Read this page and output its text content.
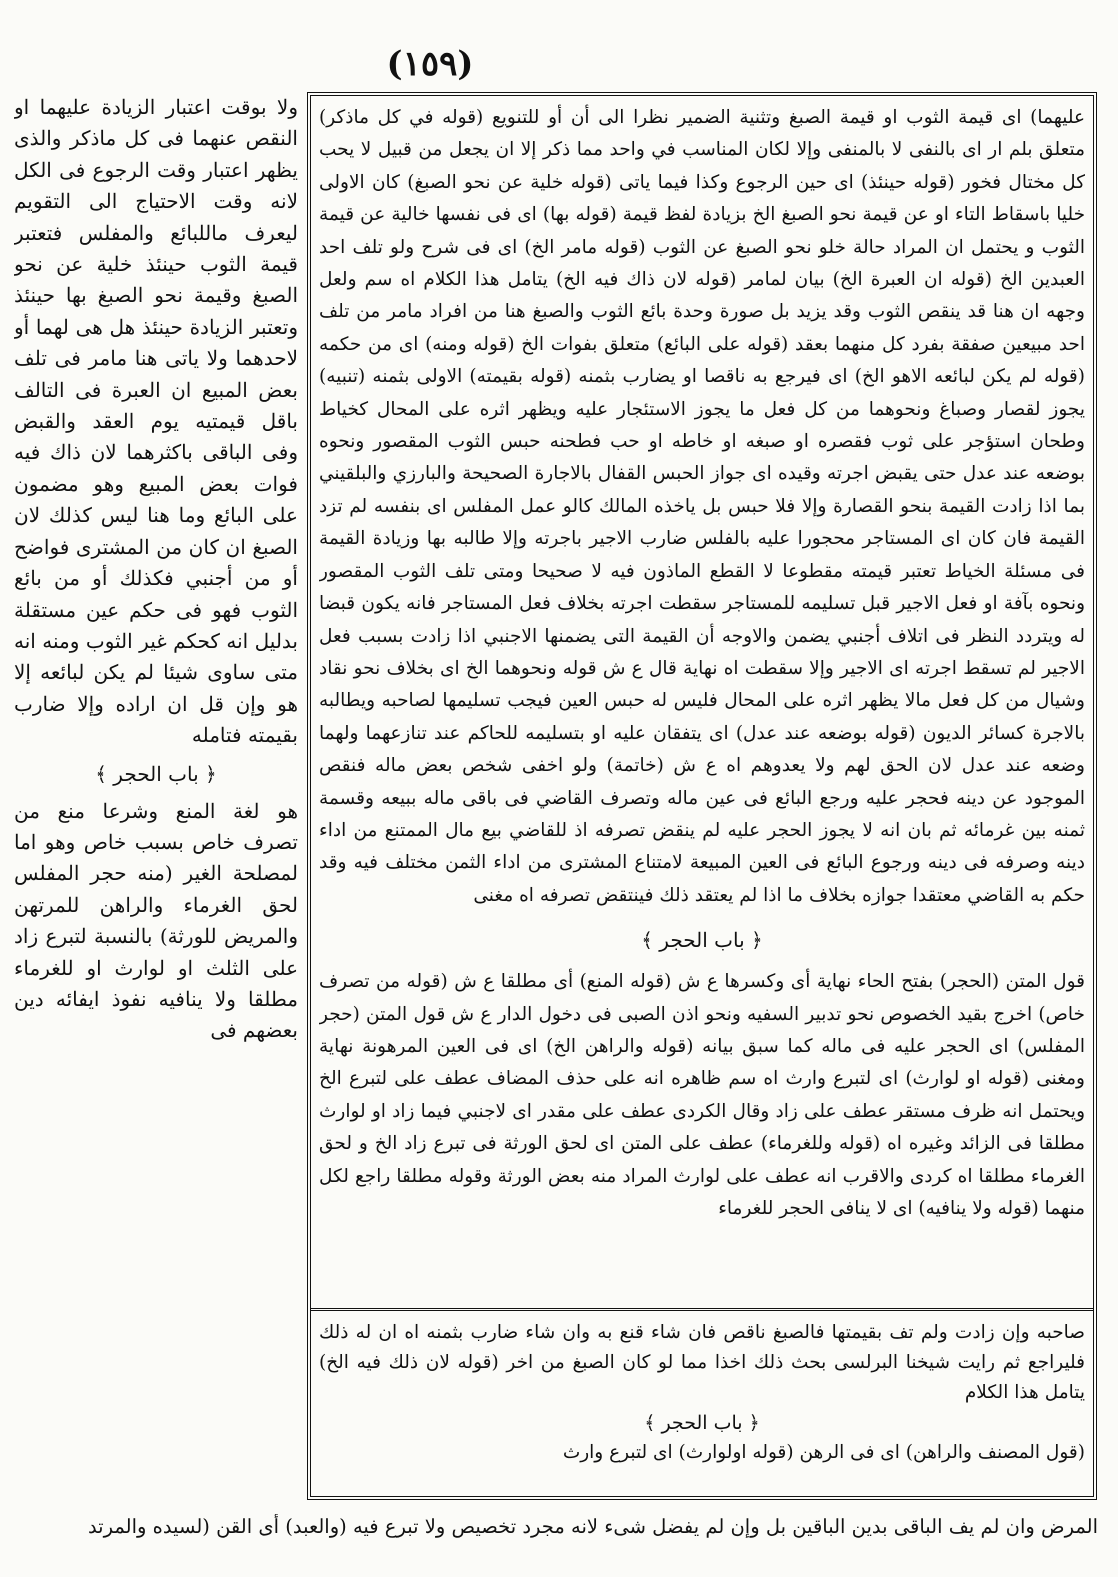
(١٥٩)

ولا بوقت اعتبار الزيادة عليهما او النقص عنهما فى كل ماذكر والذى يظهر اعتبار وقت الرجوع فى الكل لانه وقت الاحتياج الى التقويم ليعرف ماللبائع والمفلس فتعتبر قيمة الثوب حينئذ خلية عن نحو الصبغ وقيمة نحو الصبغ بها حينئذ وتعتبر الزيادة حينئذ هل هى لهما أو لاحدهما ولا ياتى هنا مامر فى تلف بعض المبيع ان العبرة فى التالف باقل قيمتيه يوم العقد والقبض وفى الباقى باكثرهما لان ذاك فيه فوات بعض المبيع وهو مضمون على البائع وما هنا ليس كذلك لان الصبغ ان كان من المشترى فواضح أو من أجنبي فكذلك أو من بائع الثوب فهو فى حكم عين مستقلة بدليل انه كحكم غير الثوب ومنه انه متى ساوى شيئا لم يكن لبائعه إلا هو وإن قل ان اراده وإلا ضارب بقيمته فتامله

﴿ باب الحجر ﴾

هو لغة المنع وشرعا منع من تصرف خاص بسبب خاص وهو اما لمصلحة الغير (منه حجر المفلس لحق الغرماء والراهن للمرتهن والمريض للورثة) بالنسبة لتبرع زاد على الثلث او لوارث او للغرماء مطلقا ولا ينافيه نفوذ ايفائه دين بعضهم فى

عليهما) اى قيمة الثوب او قيمة الصبغ وتثنية الضمير نظرا الى أن أو للتنويع (قوله في كل ماذكر) متعلق بلم ار اى بالنفى لا بالمنفى وإلا لكان المناسب في واحد مما ذكر إلا ان يجعل من قبيل لا يحب كل مختال فخور (قوله حينئذ) اى حين الرجوع وكذا فيما ياتى (قوله خلية عن نحو الصبغ) كان الاولى خليا باسقاط التاء او عن قيمة نحو الصبغ الخ بزيادة لفظ قيمة (قوله بها) اى فى نفسها خالية عن قيمة الثوب و يحتمل ان المراد حالة خلو نحو الصبغ عن الثوب (قوله مامر الخ) اى فى شرح ولو تلف احد العبدين الخ (قوله ان العبرة الخ) بيان لمامر (قوله لان ذاك فيه الخ) يتامل هذا الكلام اه سم ولعل وجهه ان هنا قد ينقص الثوب وقد يزيد بل صورة وحدة بائع الثوب والصبغ هنا من افراد مامر من تلف احد مبيعين صفقة بفرد كل منهما بعقد (قوله على البائع) متعلق بفوات الخ (قوله ومنه) اى من حكمه (قوله لم يكن لبائعه الاهو الخ) اى فيرجع به ناقصا او يضارب بثمنه (قوله بقيمته) الاولى بثمنه (تنبيه) يجوز لقصار وصباغ ونحوهما من كل فعل ما يجوز الاستئجار عليه ويظهر اثره على المحال كخياط وطحان استؤجر على ثوب فقصره او صبغه او خاطه او حب فطحنه حبس الثوب المقصور ونحوه بوضعه عند عدل حتى يقبض اجرته وقيده اى جواز الحبس القفال بالاجارة الصحيحة والبارزي والبلقيني بما اذا زادت القيمة بنحو القصارة وإلا فلا حبس بل ياخذه المالك كالو عمل المفلس اى بنفسه لم تزد القيمة فان كان اى المستاجر محجورا عليه بالفلس ضارب الاجير باجرته وإلا طالبه بها وزيادة القيمة فى مسئلة الخياط تعتبر قيمته مقطوعا لا القطع الماذون فيه لا صحيحا ومتى تلف الثوب المقصور ونحوه بآفة او فعل الاجير قبل تسليمه للمستاجر سقطت اجرته بخلاف فعل المستاجر فانه يكون قبضا له ويتردد النظر فى اتلاف أجنبي يضمن والاوجه أن القيمة التى يضمنها الاجنبي اذا زادت بسبب فعل الاجير لم تسقط اجرته اى الاجير وإلا سقطت اه نهاية قال ع ش قوله ونحوهما الخ اى بخلاف نحو نقاد وشيال من كل فعل مالا يظهر اثره على المحال فليس له حبس العين فيجب تسليمها لصاحبه ويطالبه بالاجرة كسائر الديون (قوله بوضعه عند عدل) اى يتفقان عليه او بتسليمه للحاكم عند تنازعهما ولهما وضعه عند عدل لان الحق لهم ولا يعدوهم اه ع ش (خاتمة) ولو اخفى شخص بعض ماله فنقص الموجود عن دينه فحجر عليه ورجع البائع فى عين ماله وتصرف القاضي فى باقى ماله ببيعه وقسمة ثمنه بين غرمائه ثم بان انه لا يجوز الحجر عليه لم ينقض تصرفه اذ للقاضي بيع مال الممتنع من اداء دينه وصرفه فى دينه ورجوع البائع فى العين المبيعة لامتناع المشترى من اداء الثمن مختلف فيه وقد حكم به القاضي معتقدا جوازه بخلاف ما اذا لم يعتقد ذلك فينتقض تصرفه اه مغنى

﴿ باب الحجر ﴾

قول المتن (الحجر) بفتح الحاء نهاية أى وكسرها ع ش (قوله المنع) أى مطلقا ع ش (قوله من تصرف خاص) اخرج بقيد الخصوص نحو تدبير السفيه ونحو اذن الصبى فى دخول الدار ع ش قول المتن (حجر المفلس) اى الحجر عليه فى ماله كما سبق بيانه (قوله والراهن الخ) اى فى العين المرهونة نهاية ومغنى (قوله او لوارث) اى لتبرع وارث اه سم ظاهره انه على حذف المضاف عطف على لتبرع الخ ويحتمل انه ظرف مستقر عطف على زاد وقال الكردى عطف على مقدر اى لاجنبي فيما زاد او لوارث مطلقا فى الزائد وغيره اه (قوله وللغرماء) عطف على المتن اى لحق الورثة فى تبرع زاد الخ و لحق الغرماء مطلقا اه كردى والاقرب انه عطف على لوارث المراد منه بعض الورثة وقوله مطلقا راجع لكل منهما (قوله ولا ينافيه) اى لا ينافى الحجر للغرماء

صاحبه وإن زادت ولم تف بقيمتها فالصبغ ناقص فان شاء قنع به وان شاء ضارب بثمنه اه ان له ذلك فليراجع ثم رايت شيخنا البرلسى بحث ذلك اخذا مما لو كان الصبغ من اخر (قوله لان ذلك فيه الخ) يتامل هذا الكلام

﴿ باب الحجر ﴾

(قول المصنف والراهن) اى فى الرهن (قوله اولوارث) اى لتبرع وارث

المرض وان لم يف الباقى بدين الباقين بل وإن لم يفضل شىء لانه مجرد تخصيص ولا تبرع فيه (والعبد) أى القن (لسيده والمرتد
